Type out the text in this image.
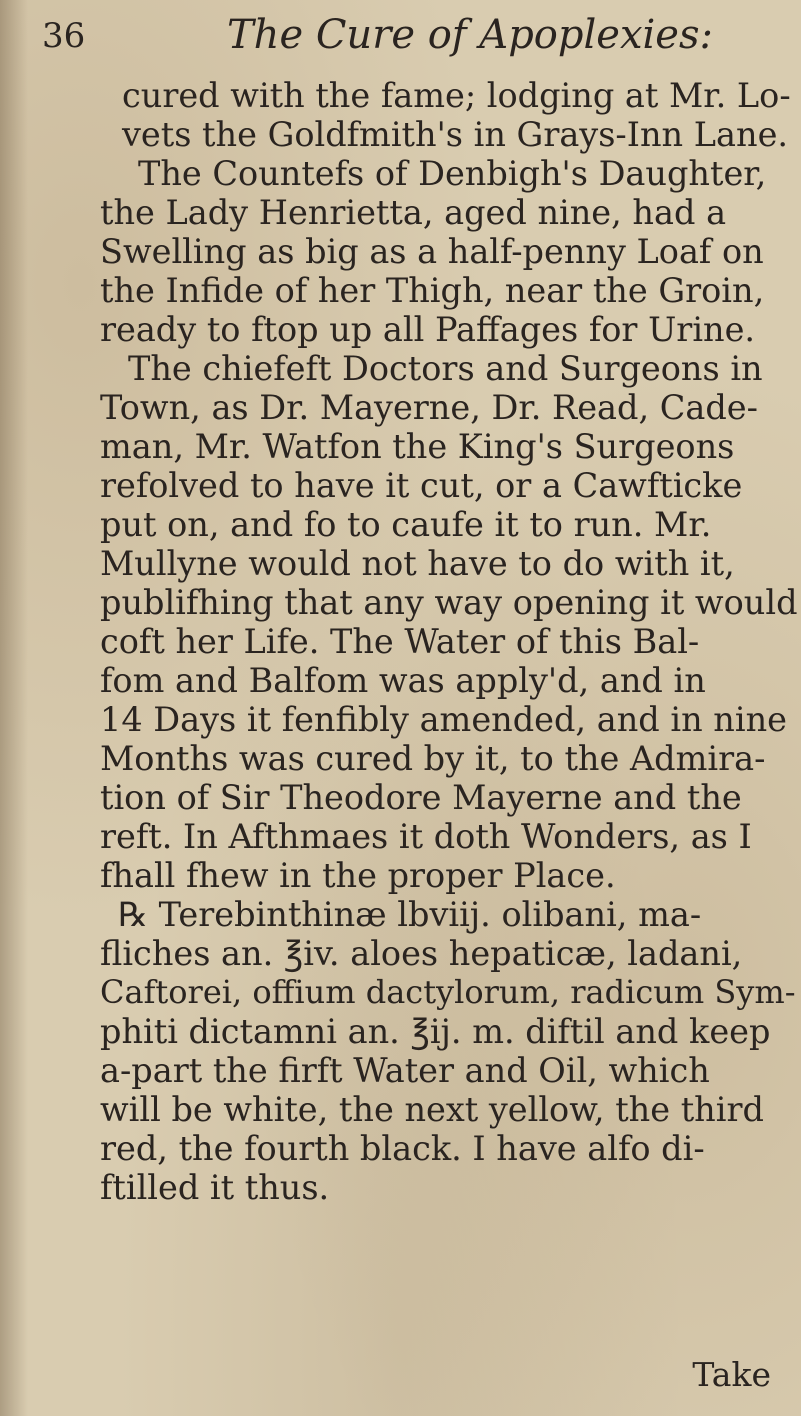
36	The Cure of Apoplexies:
cured with the fame; lodging at Mr. Lo-
vets the Goldfmith's in Grays-Inn Lane.
The Countefs of Denbigh's Daughter,
the Lady Henrietta, aged nine, had a
Swelling as big as a half-penny Loaf on
the Infide of her Thigh, near the Groin,
ready to ftop up all Paffages for Urine.
The chiefeft Doctors and Surgeons in
Town, as Dr. Mayerne, Dr. Read, Cade-
man, Mr. Watfon the King's Surgeons
refolved to have it cut, or a Cawfticke
put on, and fo to caufe it to run. Mr.
Mullyne would not have to do with it,
publifhing that any way opening it would
coft her Life. The Water of this Bal-
fom and Balfom was apply'd, and in
14 Days it fenfibly amended, and in nine
Months was cured by it, to the Admira-
tion of Sir Theodore Mayerne and the
reft. In Afthmaes it doth Wonders, as I
fhall fhew in the proper Place.
℞ Terebinthinæ lbviij. olibani, ma-
fliches an. ℥iv. aloes hepaticæ, ladani,
Caftorei, offium dactylorum, radicum Sym-
phiti dictamni an. ℥ij. m. diftil and keep
a-part the firft Water and Oil, which
will be white, the next yellow, the third
red, the fourth black. I have alfo di-
ftilled it thus.
Take
